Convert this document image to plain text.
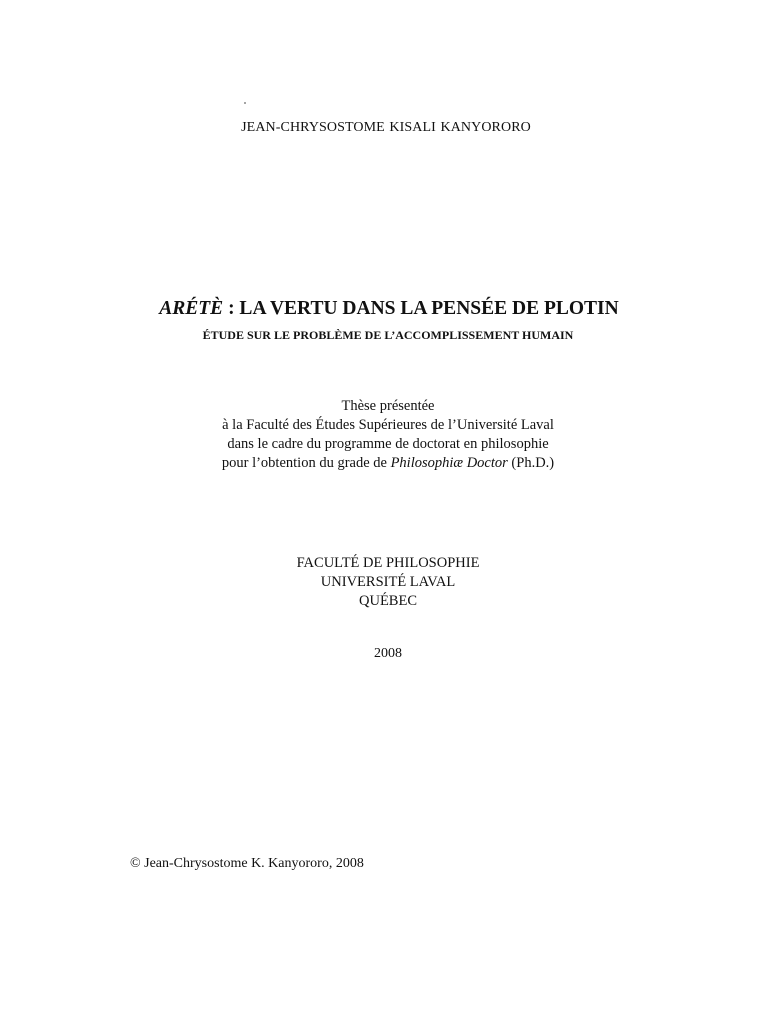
JEAN-CHRYSOSTOME KISALI KANYORORO
ARÉTÈ : LA VERTU DANS LA PENSÉE DE PLOTIN
ÉTUDE SUR LE PROBLÈME DE L’ACCOMPLISSEMENT HUMAIN
Thèse présentée
à la Faculté des Études Supérieures de l’Université Laval
dans le cadre du programme de doctorat en philosophie
pour l’obtention du grade de Philosophiæ Doctor (Ph.D.)
FACULTÉ DE PHILOSOPHIE
UNIVERSITÉ LAVAL
QUÉBEC
2008
© Jean-Chrysostome K. Kanyororo, 2008
